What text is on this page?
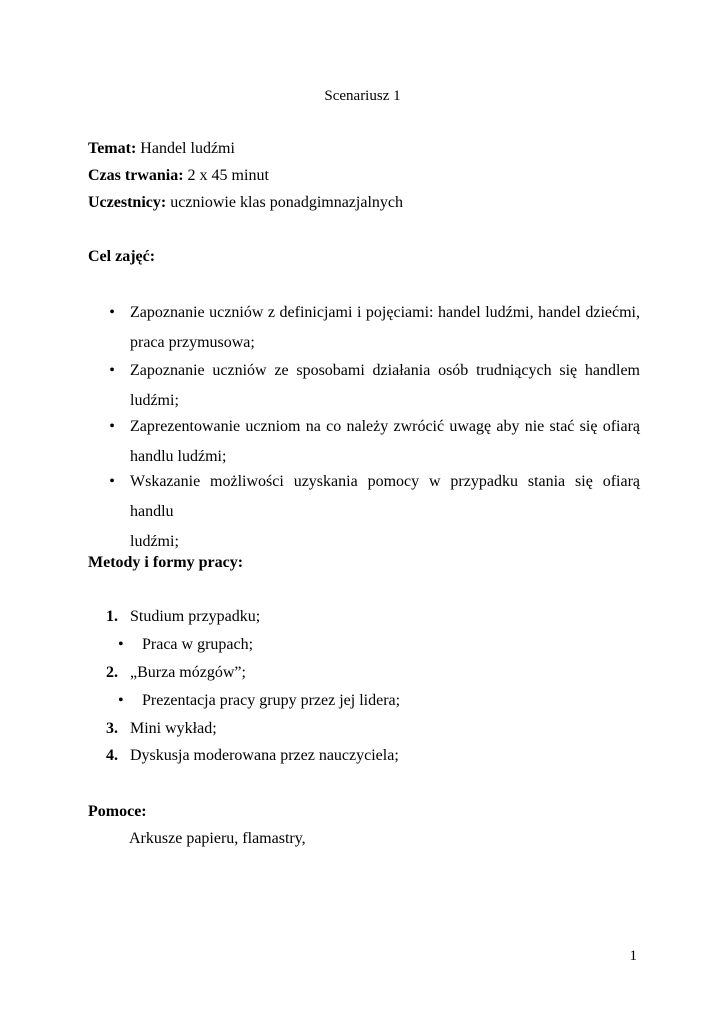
Scenariusz 1
Temat: Handel ludźmi
Czas trwania: 2 x 45 minut
Uczestnicy: uczniowie klas ponadgimnazjalnych
Cel zajęć:
• Zapoznanie uczniów z definicjami i pojęciami: handel ludźmi, handel dziećmi,
praca przymusowa;
• Zapoznanie uczniów ze sposobami działania osób trudniących się handlem
ludźmi;
• Zaprezentowanie uczniom na co należy zwrócić uwagę aby nie stać się ofiarą
handlu ludźmi;
• Wskazanie możliwości uzyskania pomocy w przypadku stania się ofiarą handlu
ludźmi;
Metody i formy pracy:
1. Studium przypadku;
• Praca w grupach;
2. „Burza mózgów”;
• Prezentacja pracy grupy przez jej lidera;
3. Mini wykład;
4. Dyskusja moderowana przez nauczyciela;
Pomoce:
Arkusze papieru, flamastry,
1
